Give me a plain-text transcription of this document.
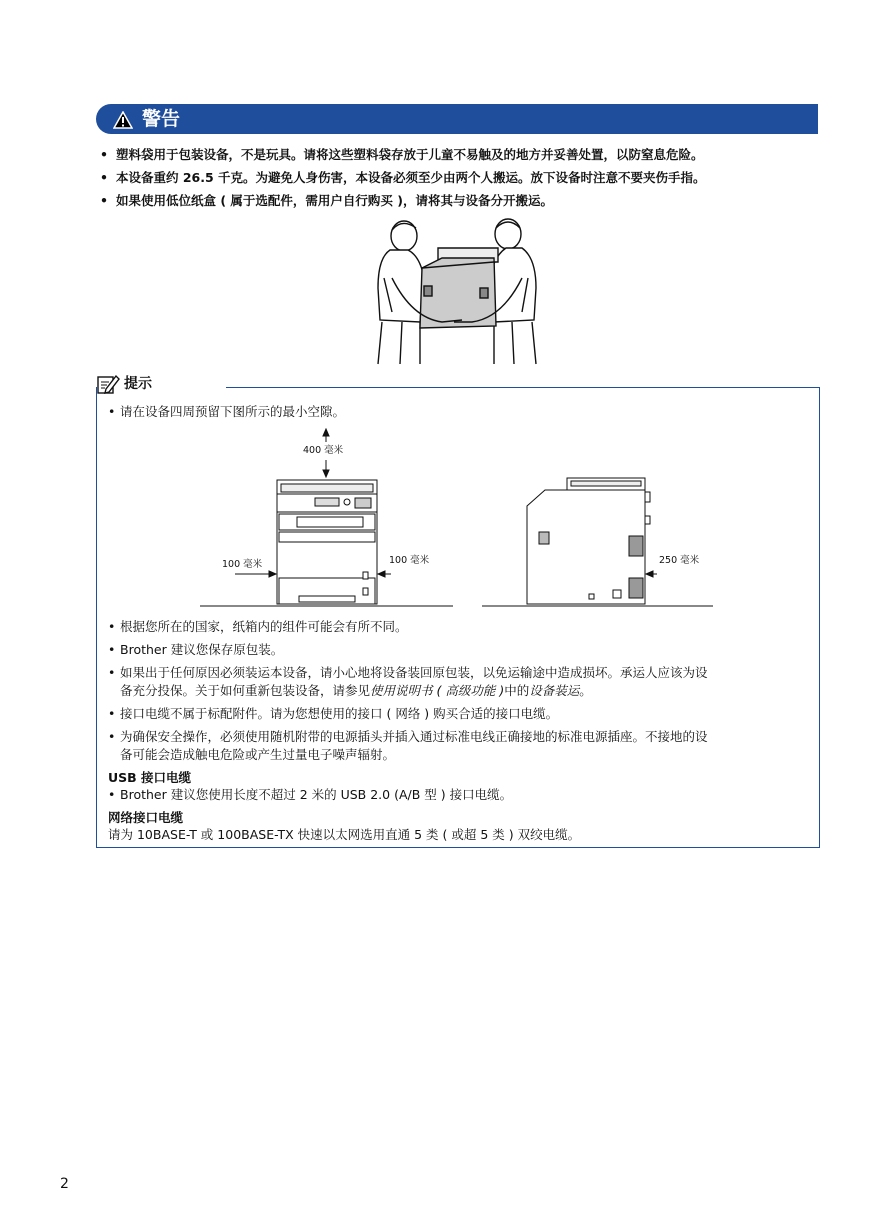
警告
• 塑料袋用于包装设备，不是玩具。请将这些塑料袋存放于儿童不易触及的地方并妥善处置，以防窒息危险。
• 本设备重约 26.5 千克。为避免人身伤害，本设备必须至少由两个人搬运。放下设备时注意不要夹伤手指。
• 如果使用低位纸盒 ( 属于选配件，需用户自行购买 )，请将其与设备分开搬运。
提示
• 请在设备四周预留下图所示的最小空隙。
400 毫米
100 毫米	100 毫米	250 毫米
• 根据您所在的国家，纸箱内的组件可能会有所不同。
• Brother 建议您保存原包装。
• 如果出于任何原因必须装运本设备，请小心地将设备装回原包装，以免运输途中造成损坏。承运人应该为设
备充分投保。关于如何重新包装设备，请参见使用说明书 ( 高级功能 )中的设备装运。
• 接口电缆不属于标配附件。请为您想使用的接口 ( 网络 ) 购买合适的接口电缆。
• 为确保安全操作，必须使用随机附带的电源插头并插入通过标准电线正确接地的标准电源插座。不接地的设
备可能会造成触电危险或产生过量电子噪声辐射。
USB 接口电缆
• Brother 建议您使用长度不超过 2 米的 USB 2.0 (A/B 型 ) 接口电缆。
网络接口电缆
请为 10BASE-T 或 100BASE-TX 快速以太网选用直通 5 类 ( 或超 5 类 ) 双绞电缆。
2
